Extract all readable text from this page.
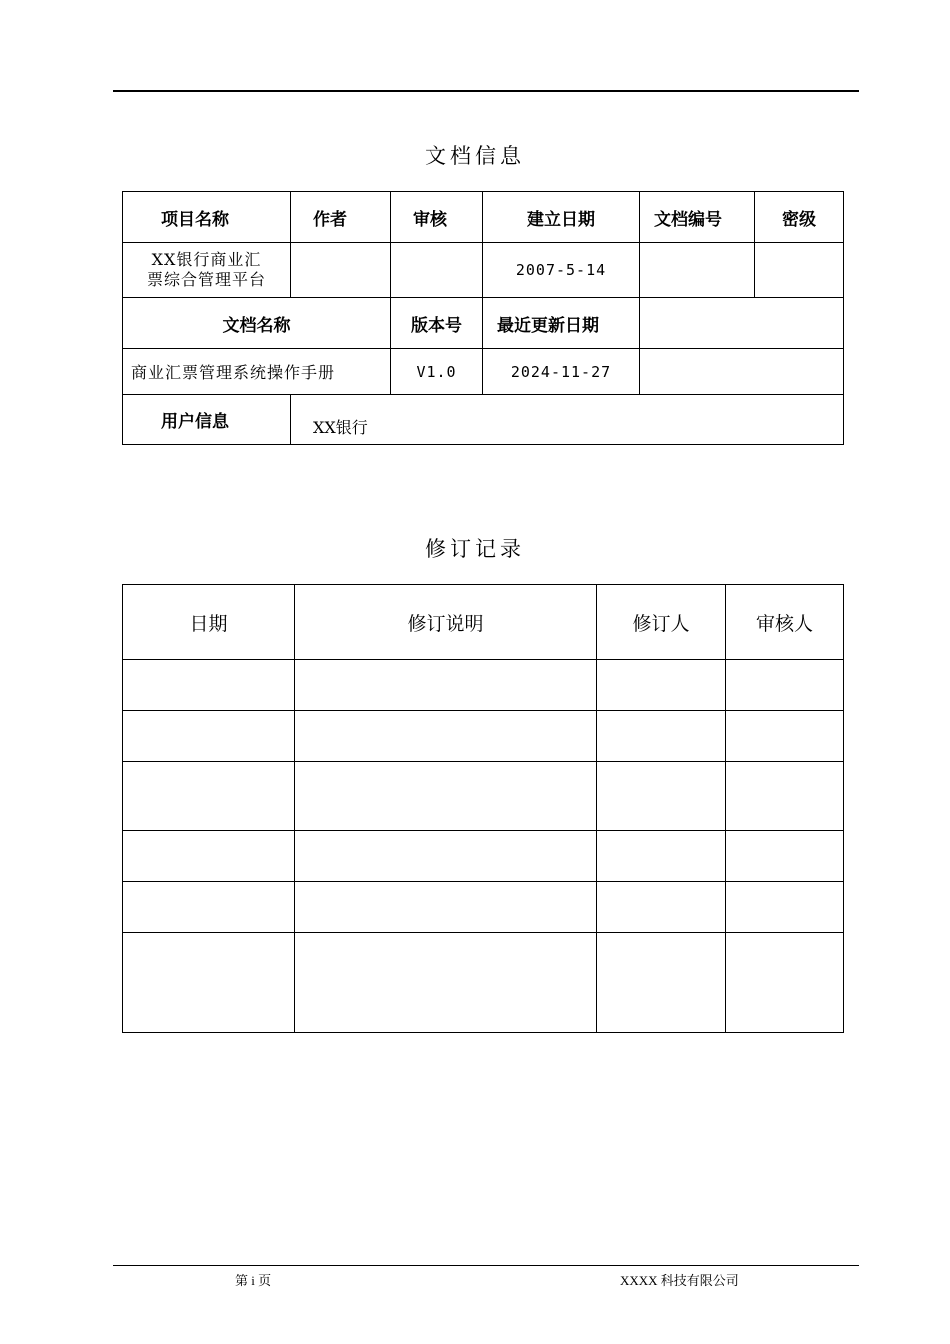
文档信息
项目名称	作者	审核	建立日期	文档编号	密级

XX银行商业汇
票综合管理平台			2007-5-14		
文档名称		版本号	最近更新日期		
商业汇票管理系统操作手册		V1.0	2024-11-27		
用户信息	XX银行				
修订记录
日期	修订说明	修订人	审核人

第 i 页	XXXX 科技有限公司
